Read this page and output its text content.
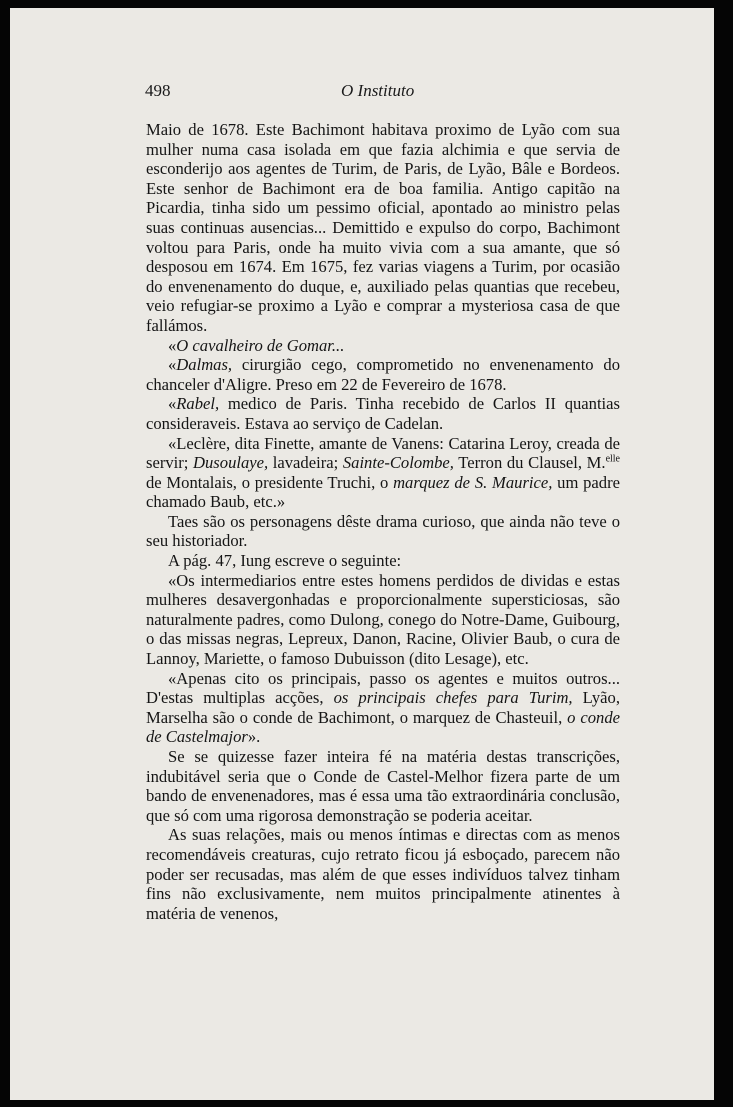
498	O Instituto

Maio de 1678. Este Bachimont habitava proximo de Lyão com sua mulher numa casa isolada em que fazia alchimia e que servia de esconderijo aos agentes de Turim, de Paris, de Lyão, Bâle e Bordeos. Este senhor de Bachimont era de boa familia. Antigo capitão na Picardia, tinha sido um pessimo oficial, apontado ao ministro pelas suas continuas ausencias... Demittido e expulso do corpo, Bachimont voltou para Paris, onde ha muito vivia com a sua amante, que só desposou em 1674. Em 1675, fez varias viagens a Turim, por ocasião do envenenamento do duque, e, auxiliado pelas quantias que recebeu, veio refugiar-se proximo a Lyão e comprar a mysteriosa casa de que fallámos.

«O cavalheiro de Gomar...

«Dalmas, cirurgião cego, comprometido no envenenamento do chanceler d'Aligre. Preso em 22 de Fevereiro de 1678.

«Rabel, medico de Paris. Tinha recebido de Carlos II quantias consideraveis. Estava ao serviço de Cadelan.

«Leclère, dita Finette, amante de Vanens: Catarina Leroy, creada de servir; Dusoulaye, lavadeira; Sainte-Colombe, Terron du Clausel, M.$^{elle}$ de Montalais, o presidente Truchi, o marquez de S. Maurice, um padre chamado Baub, etc.»

Taes são os personagens dêste drama curioso, que ainda não teve o seu historiador.

A pág. 47, Iung escreve o seguinte:

«Os intermediarios entre estes homens perdidos de dividas e estas mulheres desavergonhadas e proporcionalmente supersticiosas, são naturalmente padres, como Dulong, conego do Notre-Dame, Guibourg, o das missas negras, Lepreux, Danon, Racine, Olivier Baub, o cura de Lannoy, Mariette, o famoso Dubuisson (dito Lesage), etc.

«Apenas cito os principais, passo os agentes e muitos outros... D'estas multiplas acções, os principais chefes para Turim, Lyão, Marselha são o conde de Bachimont, o marquez de Chasteuil, o conde de Castelmajor».

Se se quizesse fazer inteira fé na matéria destas transcrições, indubitável seria que o Conde de Castel-Melhor fizera parte de um bando de envenenadores, mas é essa uma tão extraordinária conclusão, que só com uma rigorosa demonstração se poderia aceitar.

As suas relações, mais ou menos íntimas e directas com as menos recomendáveis creaturas, cujo retrato ficou já esboçado, parecem não poder ser recusadas, mas além de que esses indivíduos talvez tinham fins não exclusivamente, nem muitos principalmente atinentes à matéria de venenos,
